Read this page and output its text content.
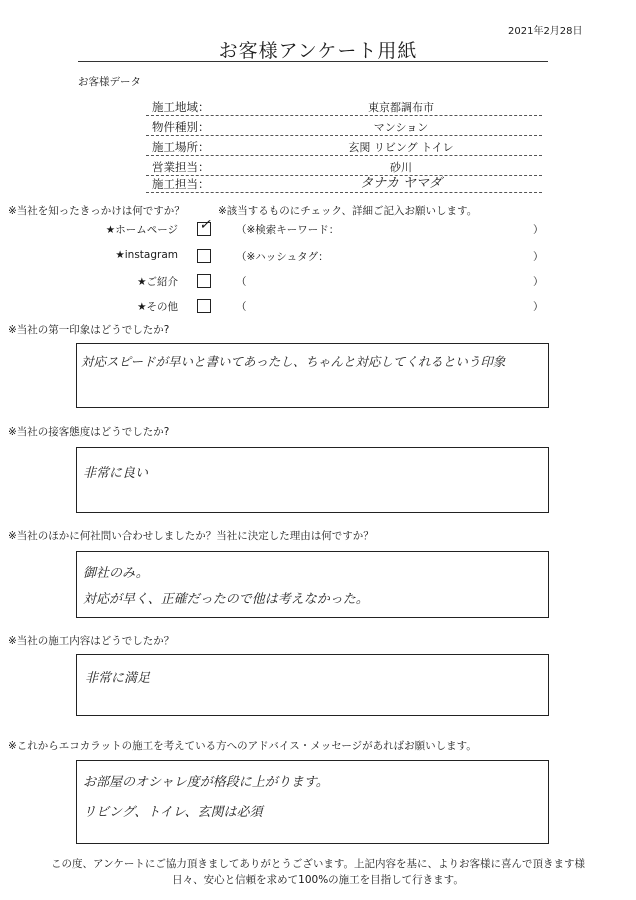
2021年2月28日
お客様アンケート用紙
お客様データ
施工地域：	東京都調布市
物件種別：	マンション
施工場所：	玄関 リビング トイレ
営業担当：	砂川
施工担当：	タナカ ヤマダ
※当社を知ったきっかけは何ですか？	※該当するものにチェック、詳細ご記入お願いします。
★ホームページ ✓ （※検索キーワード：	）
★instagram	（※ハッシュタグ：	）
★ご紹介	（	）
★その他	（	）
※当社の第一印象はどうでしたか?
対応スピードが早いと書いてあったし、ちゃんと対応してくれるという印象
※当社の接客態度はどうでしたか?
非常に良い
※当社のほかに何社問い合わせしましたか？当社に決定した理由は何ですか？
御社のみ。
対応が早く、正確だったので他は考えなかった。
※当社の施工内容はどうでしたか？
非常に満足
※これからエコカラットの施工を考えている方へのアドバイス・メッセージがあればお願いします。
お部屋のオシャレ度が格段に上がります。
リビング、トイレ、玄関は必須
この度、アンケートにご協力頂きましてありがとうございます。上記内容を基に、よりお客様に喜んで頂きます様
日々、安心と信頼を求めて100%の施工を目指して行きます。
